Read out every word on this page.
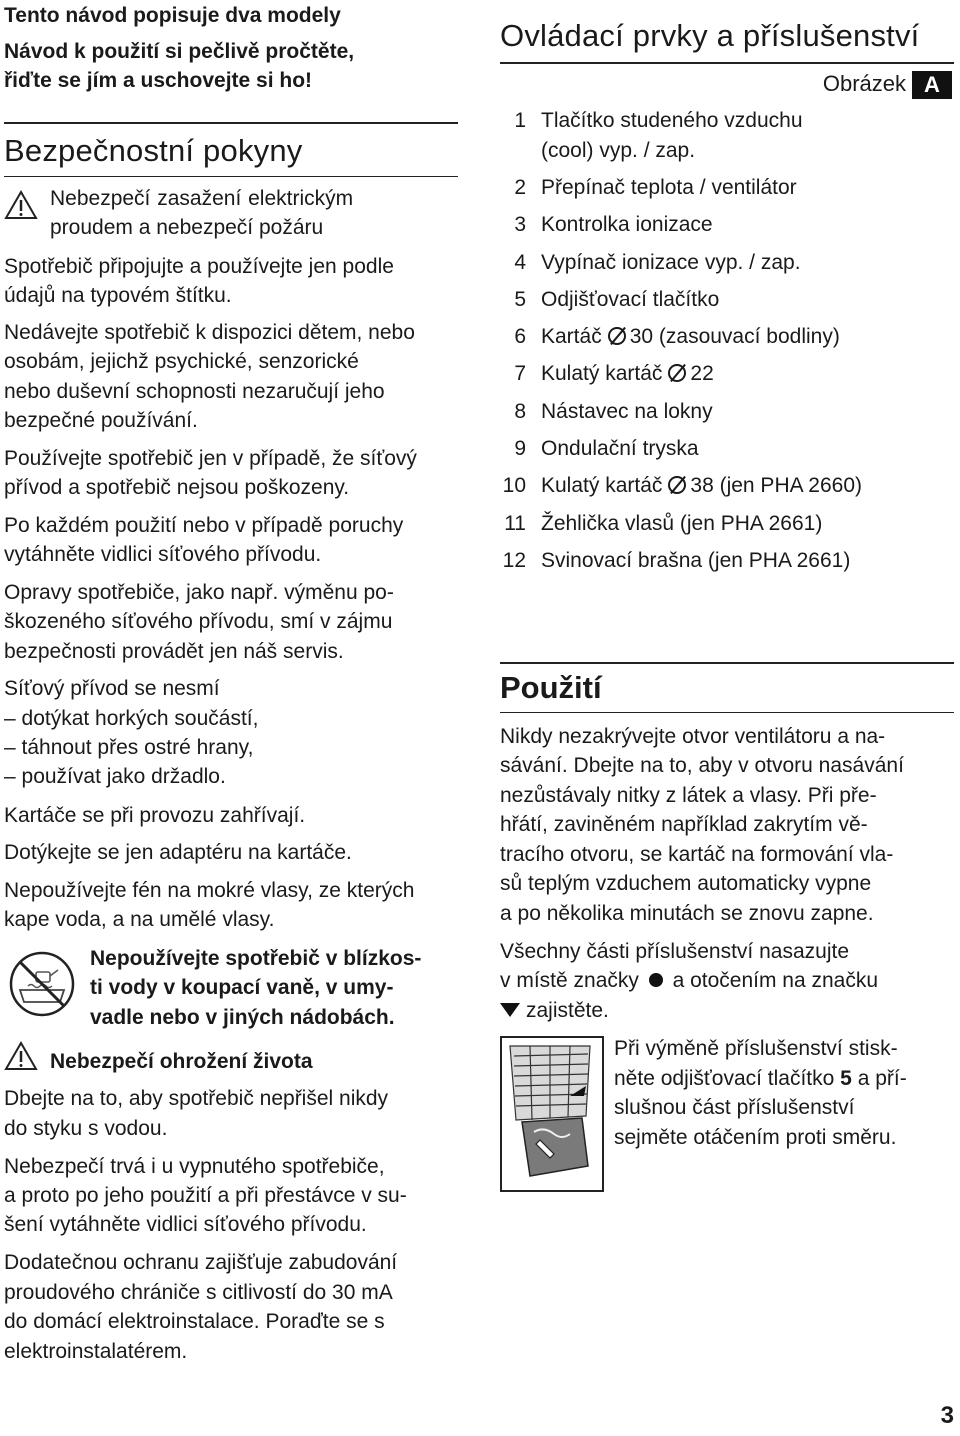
Tento návod popisuje dva modely

Návod k použití si pečlivě pročtěte,

řiďte se jím a uschovejte si ho!

Bezpečnostní pokyny

Nebezpečí zasažení elektrickým

proudem a nebezpečí požáru

Spotřebič připojujte a používejte jen podle

údajů na typovém štítku.

Nedávejte spotřebič k dispozici dětem, nebo

osobám, jejichž psychické, senzorické

nebo duševní schopnosti nezaručují jeho

bezpečné používání.

Používejte spotřebič jen v případě, že síťový

přívod a spotřebič nejsou poškozeny.

Po každém použití nebo v případě poruchy

vytáhněte vidlici síťového přívodu.

Opravy spotřebiče, jako např. výměnu po-

škozeného síťového přívodu, smí v zájmu

bezpečnosti provádět jen náš servis.

Síťový přívod se nesmí

– dotýkat horkých součástí,

– táhnout přes ostré hrany,

– používat jako držadlo.

Kartáče se při provozu zahřívají.

Dotýkejte se jen adaptéru na kartáče.

Nepoužívejte fén na mokré vlasy, ze kterých

kape voda, a na umělé vlasy.

Nepoužívejte spotřebič v blízkos-

ti vody v koupací vaně, v umy-

vadle nebo v jiných nádobách.

Nebezpečí ohrožení života

Dbejte na to, aby spotřebič nepřišel nikdy

do styku s vodou.

Nebezpečí trvá i u vypnutého spotřebiče,

a proto po jeho použití a při přestávce v su-

šení vytáhněte vidlici síťového přívodu.

Dodatečnou ochranu zajišťuje zabudování

proudového chrániče s citlivostí do 30 mA

do domácí elektroinstalace. Poraďte se s

elektroinstalatérem.

Ovládací prvky a příslušenství

Obrázek A
1 Tlačítko studeného vzduchu
(cool) vyp. / zap.
2 Přepínač teplota / ventilátor
3 Kontrolka ionizace
4 Vypínač ionizace vyp. / zap.
5 Odjišťovací tlačítko
6 Kartáč 30 (zasouvací bodliny)
7 Kulatý kartáč 22
8 Nástavec na lokny
9 Ondulační tryska
10 Kulatý kartáč 38 (jen PHA 2660)
11 Žehlička vlasů (jen PHA 2661)
12 Svinovací brašna (jen PHA 2661)

Použití

Nikdy nezakrývejte otvor ventilátoru a na-

sávání. Dbejte na to, aby v otvoru nasávání

nezůstávaly nitky z látek a vlasy. Při pře-

hřátí, zaviněném například zakrytím vě-

tracího otvoru, se kartáč na formování vla-

sů teplým vzduchem automaticky vypne

a po několika minutách se znovu zapne.

Všechny části příslušenství nasazujte

v místě značky a otočením na značku

zajistěte.

Při výměně příslušenství stisk-

něte odjišťovací tlačítko 5 a pří-

slušnou část příslušenství

sejměte otáčením proti směru.

3
